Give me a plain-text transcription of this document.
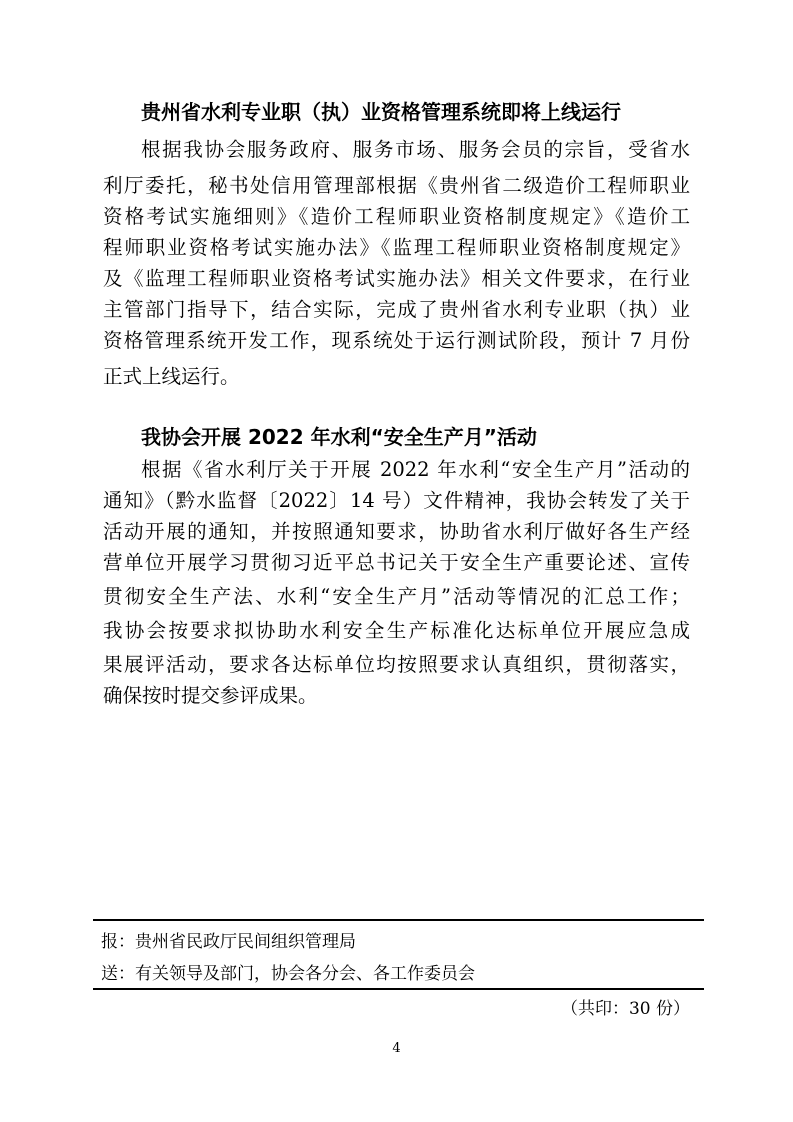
贵州省水利专业职（执）业资格管理系统即将上线运行
根据我协会服务政府、服务市场、服务会员的宗旨，受省水
利厅委托，秘书处信用管理部根据《贵州省二级造价工程师职业
资格考试实施细则》《造价工程师职业资格制度规定》《造价工
程师职业资格考试实施办法》《监理工程师职业资格制度规定》
及《监理工程师职业资格考试实施办法》相关文件要求，在行业
主管部门指导下，结合实际，完成了贵州省水利专业职（执）业
资格管理系统开发工作，现系统处于运行测试阶段，预计 7 月份
正式上线运行。
我协会开展 2022 年水利“安全生产月”活动
根据《省水利厅关于开展 2022 年水利“安全生产月”活动的
通知》（黔水监督〔2022〕14 号）文件精神，我协会转发了关于
活动开展的通知，并按照通知要求，协助省水利厅做好各生产经
营单位开展学习贯彻习近平总书记关于安全生产重要论述、宣传
贯彻安全生产法、水利“安全生产月”活动等情况的汇总工作；
我协会按要求拟协助水利安全生产标准化达标单位开展应急成
果展评活动，要求各达标单位均按照要求认真组织，贯彻落实，
确保按时提交参评成果。
报：贵州省民政厅民间组织管理局
送：有关领导及部门，协会各分会、各工作委员会
（共印：30 份）
4
